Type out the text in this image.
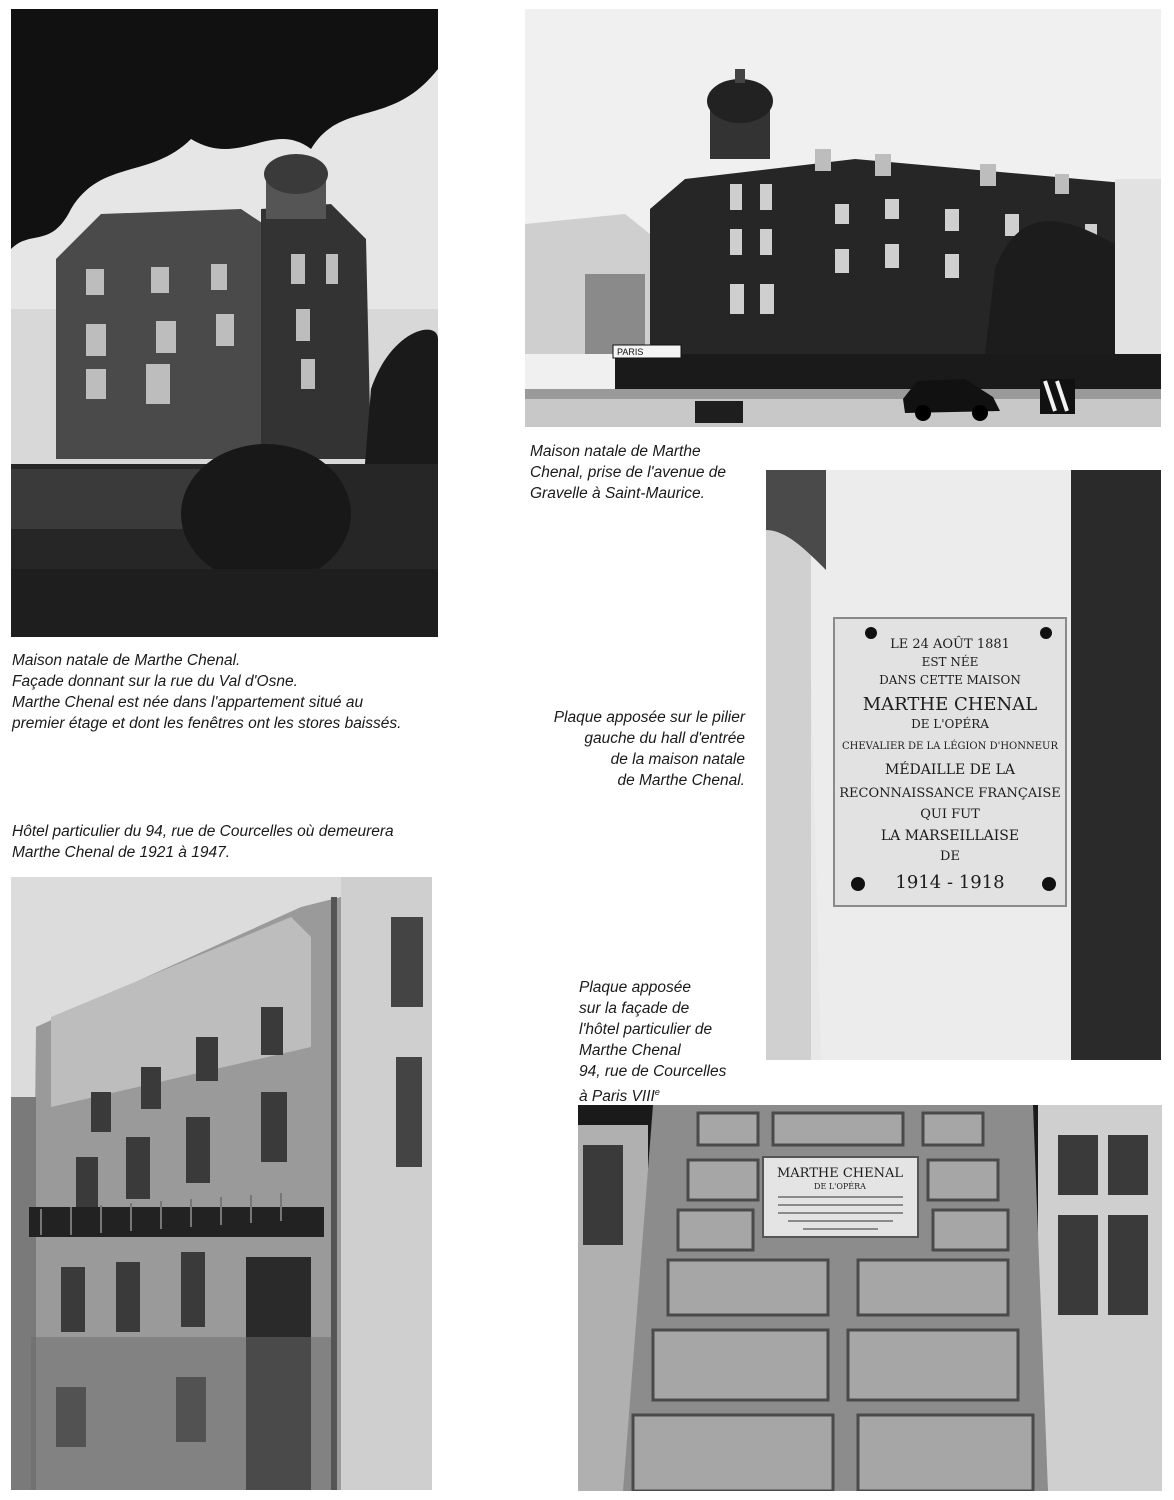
Maison natale de Marthe Chenal.
Façade donnant sur la rue du Val d'Osne.
Marthe Chenal est née dans l'appartement situé au
premier étage et dont les fenêtres ont les stores baissés.

PARIS

Maison natale de Marthe
Chenal, prise de l'avenue de
Gravelle à Saint-Maurice.

LE 24 AOÛT 1881
EST NÉE
DANS CETTE MAISON
MARTHE CHENAL
DE L'OPÉRA
CHEVALIER DE LA LÉGION D'HONNEUR
MÉDAILLE DE LA
RECONNAISSANCE FRANÇAISE
QUI FUT
LA MARSEILLAISE
DE
1914 - 1918

Plaque apposée sur le pilier
gauche du hall d'entrée
de la maison natale
de Marthe Chenal.

Hôtel particulier du 94, rue de Courcelles où demeurera
Marthe Chenal de 1921 à 1947.

Plaque apposée
sur la façade de
l'hôtel particulier de
Marthe Chenal
94, rue de Courcelles
à Paris VIIIe

MARTHE CHENAL
DE L'OPÉRA
